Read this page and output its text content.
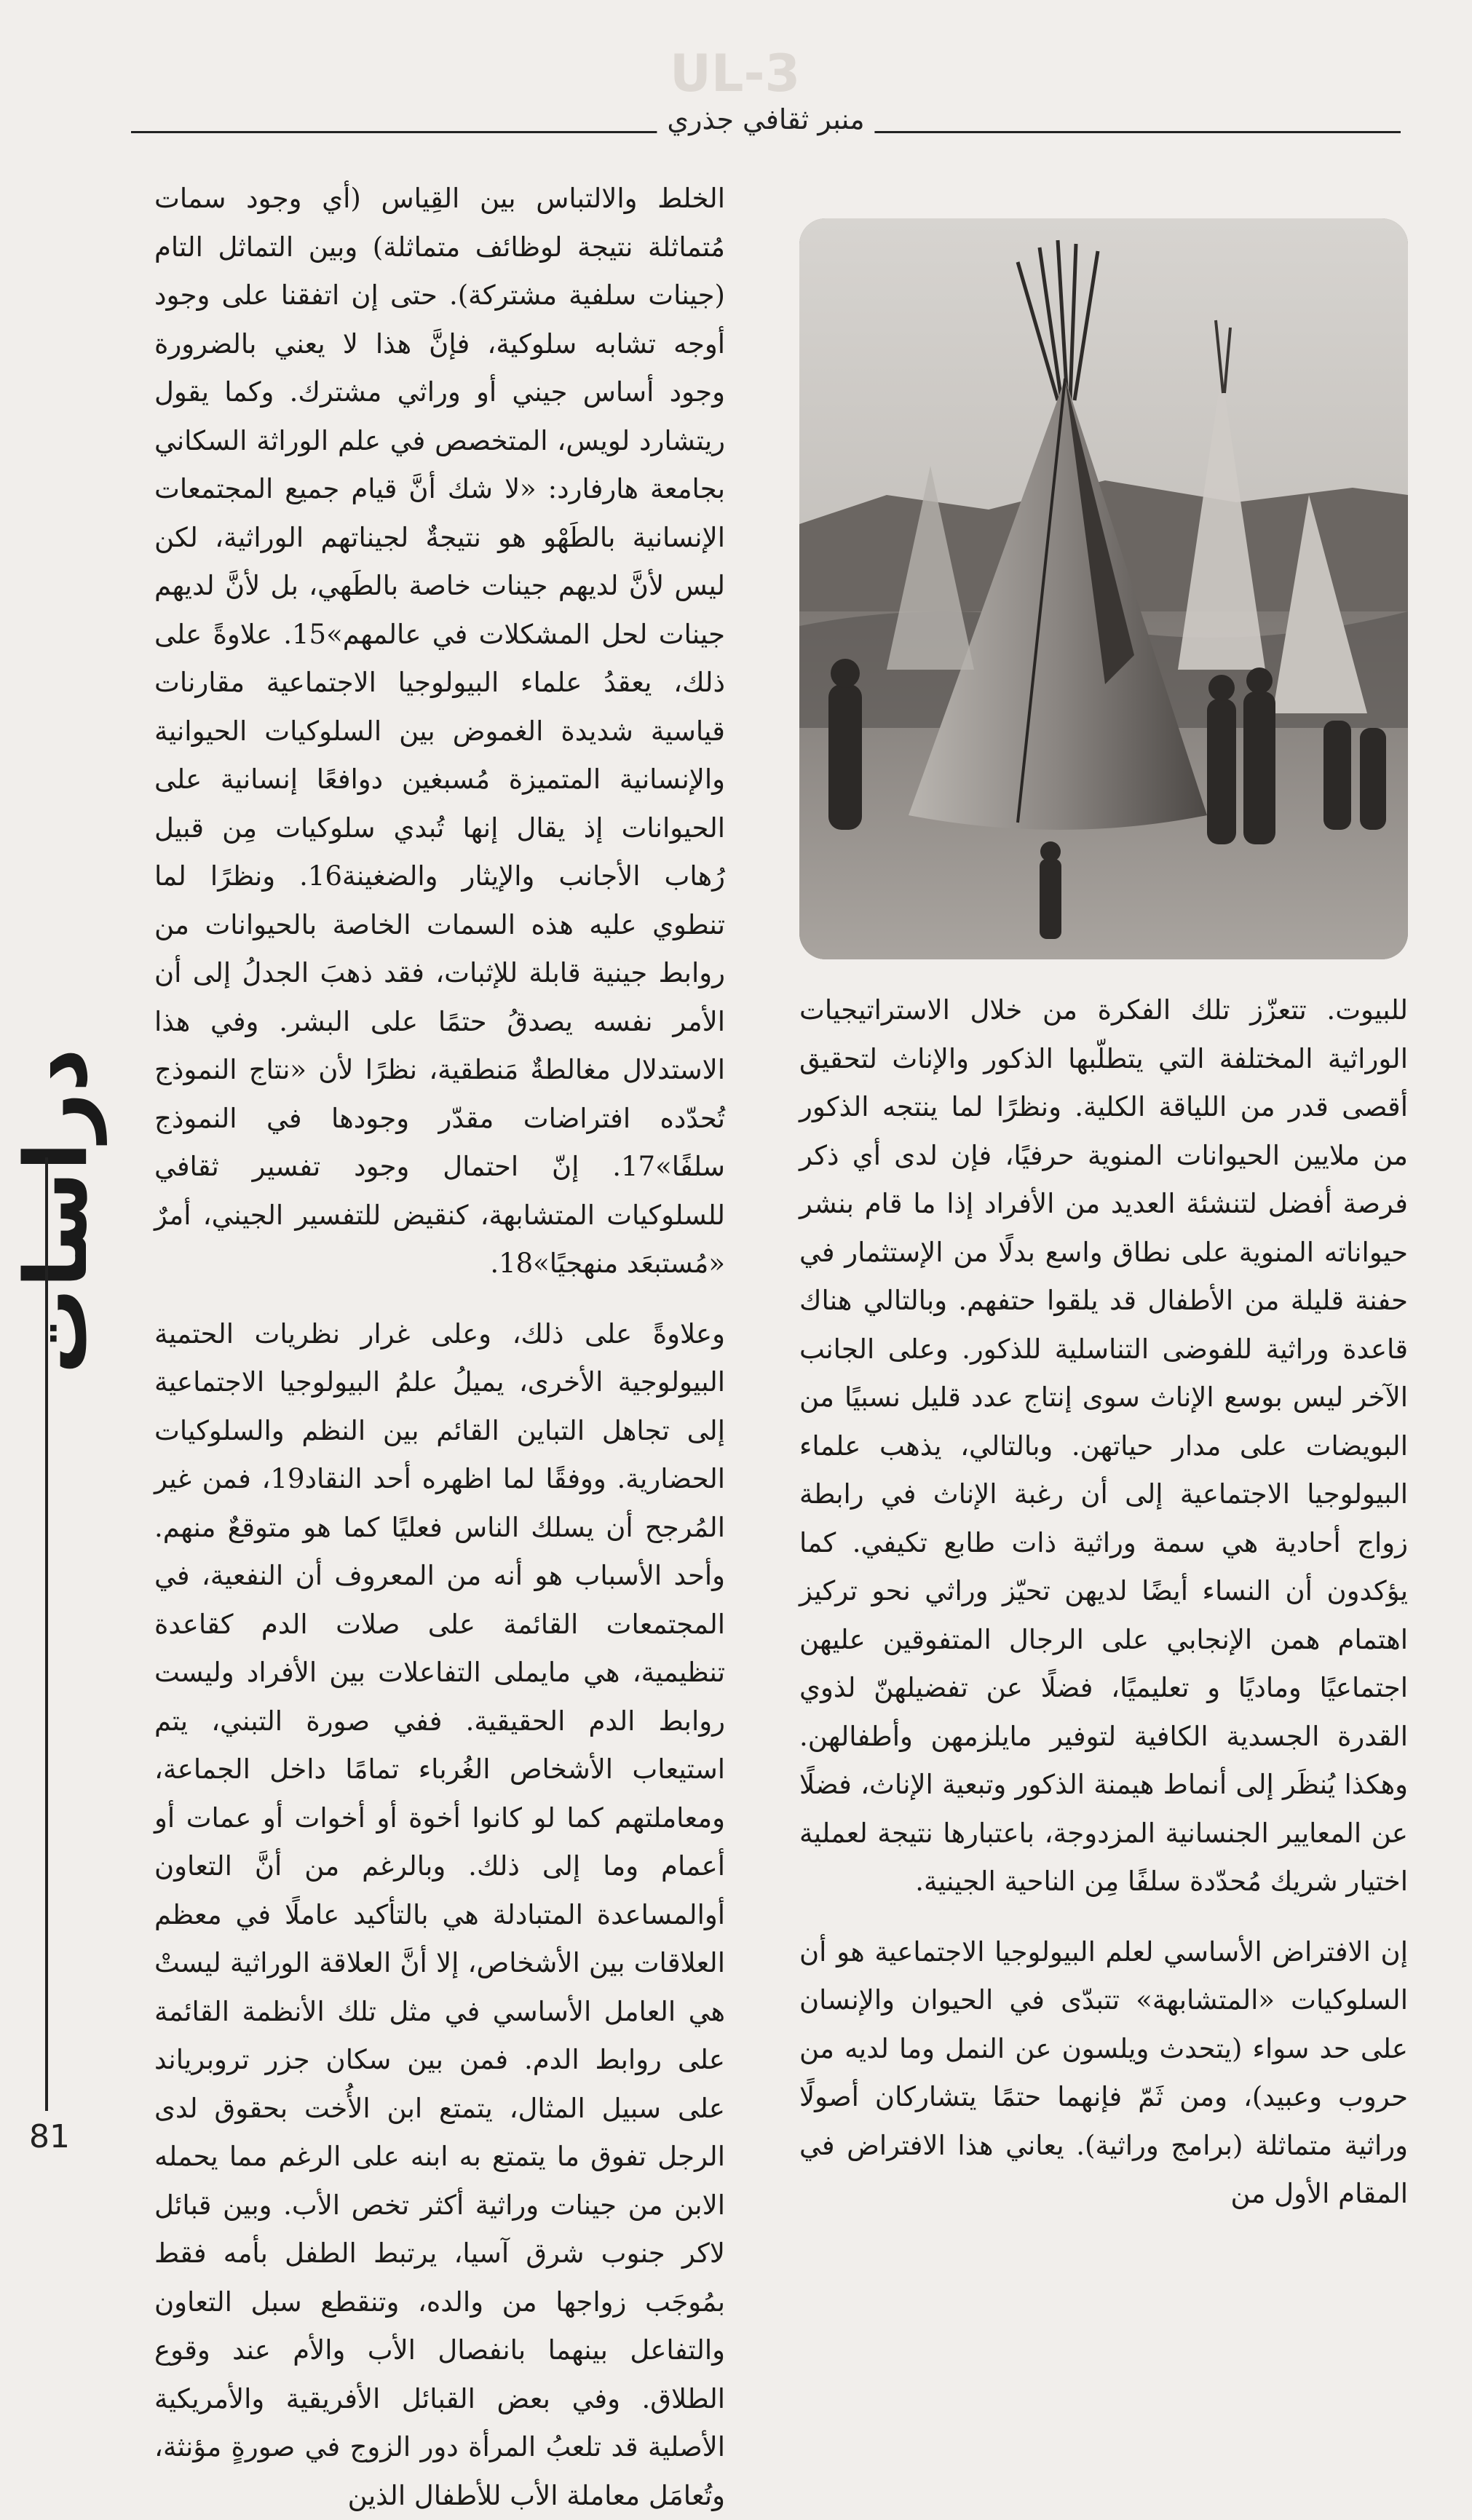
3-UL
منبر ثقافي جذري
دراسات
81

الخلط والالتباس بين القِياس (أي وجود سمات مُتماثلة نتيجة لوظائف متماثلة) وبين التماثل التام (جينات سلفية مشتركة). حتى إن اتفقنا على وجود أوجه تشابه سلوكية، فإنَّ هذا لا يعني بالضرورة وجود أساس جيني أو وراثي مشترك. وكما يقول ريتشارد لويس، المتخصص في علم الوراثة السكاني بجامعة هارفارد: «لا شك أنَّ قيام جميع المجتمعات الإنسانية بالطَهْو هو نتيجةٌ لجيناتهم الوراثية، لكن ليس لأنَّ لديهم جينات خاصة بالطَهي، بل لأنَّ لديهم جينات لحل المشكلات في عالمهم»15. علاوةً على ذلك، يعقدُ علماء البيولوجيا الاجتماعية مقارنات قياسية شديدة الغموض بين السلوكيات الحيوانية والإنسانية المتميزة مُسبغين دوافعًا إنسانية على الحيوانات إذ يقال إنها تُبدي سلوكيات مِن قبيل رُهاب الأجانب والإيثار والضغينة16. ونظرًا لما تنطوي عليه هذه السمات الخاصة بالحيوانات من روابط جينية قابلة للإثبات، فقد ذهبَ الجدلُ إلى أن الأمر نفسه يصدقُ حتمًا على البشر. وفي هذا الاستدلال مغالطةٌ مَنطقية، نظرًا لأن «نتاج النموذج تُحدّده افتراضات مقدّر وجودها في النموذج سلفًا»17. إنّ احتمال وجود تفسير ثقافي للسلوكيات المتشابهة، كنقيض للتفسير الجيني، أمرٌ «مُستبعَد منهجيًا»18.

وعلاوةً على ذلك، وعلى غرار نظريات الحتمية البيولوجية الأخرى، يميلُ علمُ البيولوجيا الاجتماعية إلى تجاهل التباين القائم بين النظم والسلوكيات الحضارية. ووفقًا لما اظهره أحد النقاد19، فمن غير المُرجح أن يسلك الناس فعليًا كما هو متوقعٌ منهم. وأحد الأسباب هو أنه من المعروف أن النفعية، في المجتمعات القائمة على صلات الدم كقاعدة تنظيمية، هي مايملى التفاعلات بين الأفراد وليست روابط الدم الحقيقية. ففي صورة التبني، يتم استيعاب الأشخاص الغُرباء تمامًا داخل الجماعة، ومعاملتهم كما لو كانوا أخوة أو أخوات أو عمات أو أعمام وما إلى ذلك. وبالرغم من أنَّ التعاون أوالمساعدة المتبادلة هي بالتأكيد عاملًا في معظم العلاقات بين الأشخاص، إلا أنَّ العلاقة الوراثية ليستْ هي العامل الأساسي في مثل تلك الأنظمة القائمة على روابط الدم. فمن بين سكان جزر تروبرياند على سبيل المثال، يتمتع ابن الأُخت بحقوق لدى الرجل تفوق ما يتمتع به ابنه على الرغم مما يحمله الابن من جينات وراثية أكثر تخص الأب. وبين قبائل لاكر جنوب شرق آسيا، يرتبط الطفل بأمه فقط بمُوجَب زواجها من والده، وتنقطع سبل التعاون والتفاعل بينهما بانفصال الأب والأم عند وقوع الطلاق. وفي بعض القبائل الأفريقية والأمريكية الأصلية قد تلعبُ المرأة دور الزوج في صورةٍ مؤنثة، وتُعامَل معاملة الأب للأطفال الذين

للبيوت. تتعزّز تلك الفكرة من خلال الاستراتيجيات الوراثية المختلفة التي يتطلّبها الذكور والإناث لتحقيق أقصى قدر من اللياقة الكلية. ونظرًا لما ينتجه الذكور من ملايين الحيوانات المنوية حرفيًا، فإن لدى أي ذكر فرصة أفضل لتنشئة العديد من الأفراد إذا ما قام بنشر حيواناته المنوية على نطاق واسع بدلًا من الإستثمار في حفنة قليلة من الأطفال قد يلقوا حتفهم. وبالتالي هناك قاعدة وراثية للفوضى التناسلية للذكور. وعلى الجانب الآخر ليس بوسع الإناث سوى إنتاج عدد قليل نسبيًا من البويضات على مدار حياتهن. وبالتالي، يذهب علماء البيولوجيا الاجتماعية إلى أن رغبة الإناث في رابطة زواج أحادية هي سمة وراثية ذات طابع تكيفي. كما يؤكدون أن النساء أيضًا لديهن تحيّز وراثي نحو تركيز اهتمام همن الإنجابي على الرجال المتفوقين عليهن اجتماعيًا وماديًا و تعليميًا، فضلًا عن تفضيلهنّ لذوي القدرة الجسدية الكافية لتوفير مايلزمهن وأطفالهن. وهكذا يُنظَر إلى أنماط هيمنة الذكور وتبعية الإناث، فضلًا عن المعايير الجنسانية المزدوجة، باعتبارها نتيجة لعملية اختيار شريك مُحدّدة سلفًا مِن الناحية الجينية.

إن الافتراض الأساسي لعلم البيولوجيا الاجتماعية هو أن السلوكيات «المتشابهة» تتبدّى في الحيوان والإنسان على حد سواء (يتحدث ويلسون عن النمل وما لديه من حروب وعبيد)، ومن ثَمّ فإنهما حتمًا يتشاركان أصولًا وراثية متماثلة (برامج وراثية). يعاني هذا الافتراض في المقام الأول من
